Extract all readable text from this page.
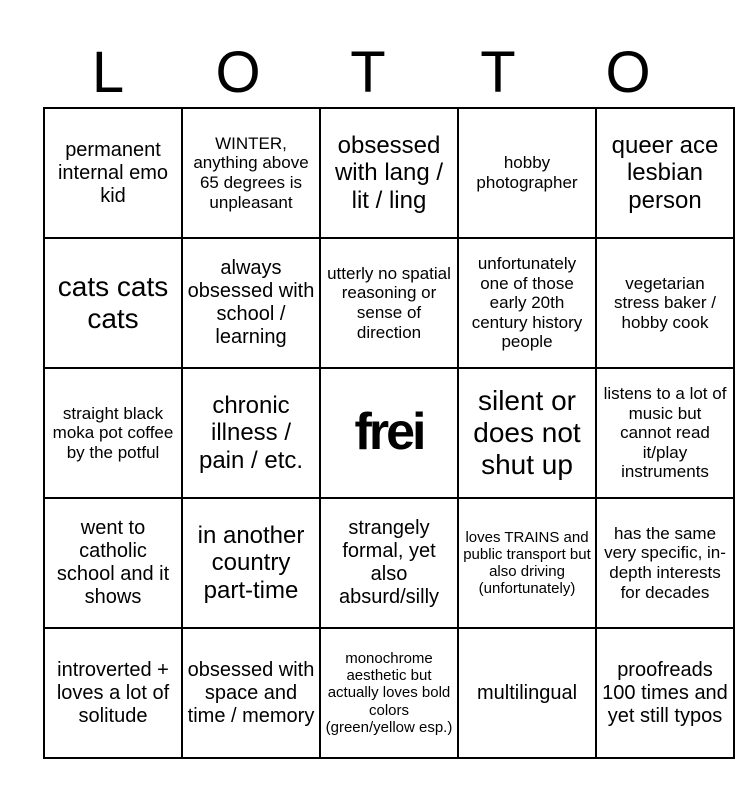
L	O	T	T	O
permanent internal emo kid	WINTER, anything above 65 degrees is unpleasant	obsessed with lang / lit / ling	hobby photographer	queer ace lesbian person
cats cats cats	always obsessed with school / learning	utterly no spatial reasoning or sense of direction	unfortunately one of those early 20th century history people	vegetarian stress baker / hobby cook
straight black moka pot coffee by the potful	chronic illness / pain / etc.	frei	silent or does not shut up	listens to a lot of music but cannot read it/play instruments
went to catholic school and it shows	in another country part-time	strangely formal, yet also absurd/silly	loves TRAINS and public transport but also driving (unfortunately)	has the same very specific, in-depth interests for decades
introverted + loves a lot of solitude	obsessed with space and time / memory	monochrome aesthetic but actually loves bold colors (green/yellow esp.)	multilingual	proofreads 100 times and yet still typos
